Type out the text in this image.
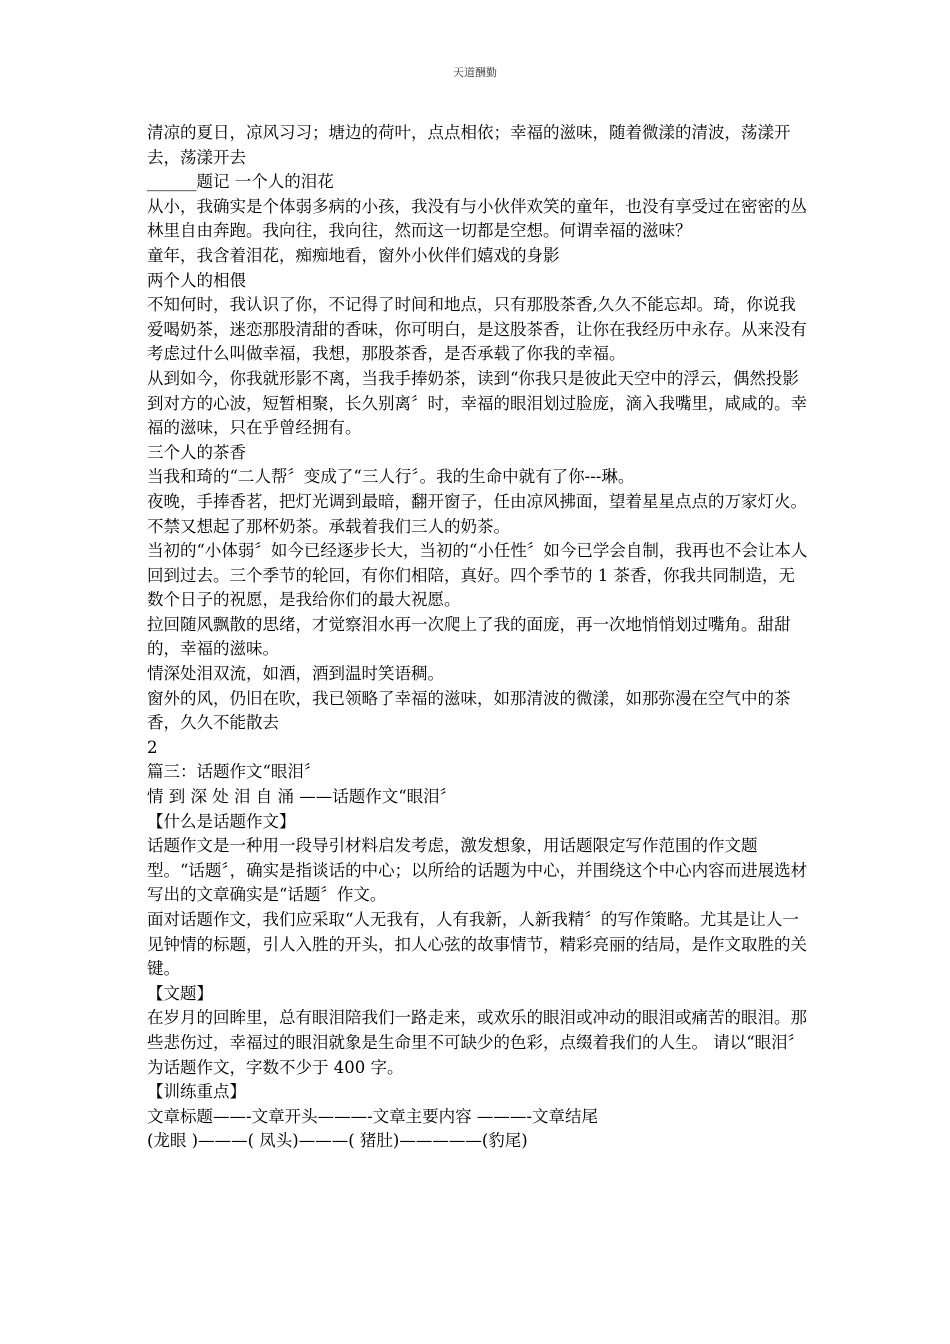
天道酬勤

清凉的夏日，凉风习习；塘边的荷叶，点点相依；幸福的滋味，随着微漾的清波，荡漾开去，荡漾开去

______题记 一个人的泪花

从小，我确实是个体弱多病的小孩，我没有与小伙伴欢笑的童年，也没有享受过在密密的丛林里自由奔跑。我向往，我向往，然而这一切都是空想。何谓幸福的滋味？

童年，我含着泪花，痴痴地看，窗外小伙伴们嬉戏的身影

两个人的相偎

不知何时，我认识了你，不记得了时间和地点，只有那股茶香,久久不能忘却。琦，你说我爱喝奶茶，迷恋那股清甜的香味，你可明白，是这股茶香，让你在我经历中永存。从来没有考虑过什么叫做幸福，我想，那股茶香，是否承载了你我的幸福。

从到如今，你我就形影不离，当我手捧奶茶，读到“你我只是彼此天空中的浮云，偶然投影到对方的心波，短暂相聚，长久别离〞时，幸福的眼泪划过脸庞，滴入我嘴里，咸咸的。幸福的滋味，只在乎曾经拥有。

三个人的茶香

当我和琦的“二人帮〞变成了“三人行〞。我的生命中就有了你---琳。

夜晚，手捧香茗，把灯光调到最暗，翻开窗子，任由凉风拂面，望着星星点点的万家灯火。不禁又想起了那杯奶茶。承载着我们三人的奶茶。

当初的“小体弱〞如今已经逐步长大，当初的“小任性〞如今已学会自制，我再也不会让本人回到过去。三个季节的轮回，有你们相陪，真好。四个季节的 1 茶香，你我共同制造，无数个日子的祝愿，是我给你们的最大祝愿。

拉回随风飘散的思绪，才觉察泪水再一次爬上了我的面庞，再一次地悄悄划过嘴角。甜甜的，幸福的滋味。

情深处泪双流，如酒，酒到温时笑语稠。

窗外的风，仍旧在吹，我已领略了幸福的滋味，如那清波的微漾，如那弥漫在空气中的茶香，久久不能散去

2

篇三：话题作文“眼泪〞

情 到 深 处 泪 自 涌 ——话题作文“眼泪〞

【什么是话题作文】

话题作文是一种用一段导引材料启发考虑，激发想象，用话题限定写作范围的作文题型。“话题〞，确实是指谈话的中心；以所给的话题为中心，并围绕这个中心内容而进展选材写出的文章确实是“话题〞作文。

面对话题作文，我们应采取“人无我有，人有我新，人新我精〞的写作策略。尤其是让人一见钟情的标题，引人入胜的开头，扣人心弦的故事情节，精彩亮丽的结局，是作文取胜的关键。

【文题】

在岁月的回眸里，总有眼泪陪我们一路走来，或欢乐的眼泪或冲动的眼泪或痛苦的眼泪。那些悲伤过，幸福过的眼泪就象是生命里不可缺少的色彩，点缀着我们的人生。 请以“眼泪〞为话题作文，字数不少于 400 字。

【训练重点】

文章标题——-文章开头———-文章主要内容 ———-文章结尾

(龙眼 )———( 凤头)———( 猪肚)—————(豹尾)
